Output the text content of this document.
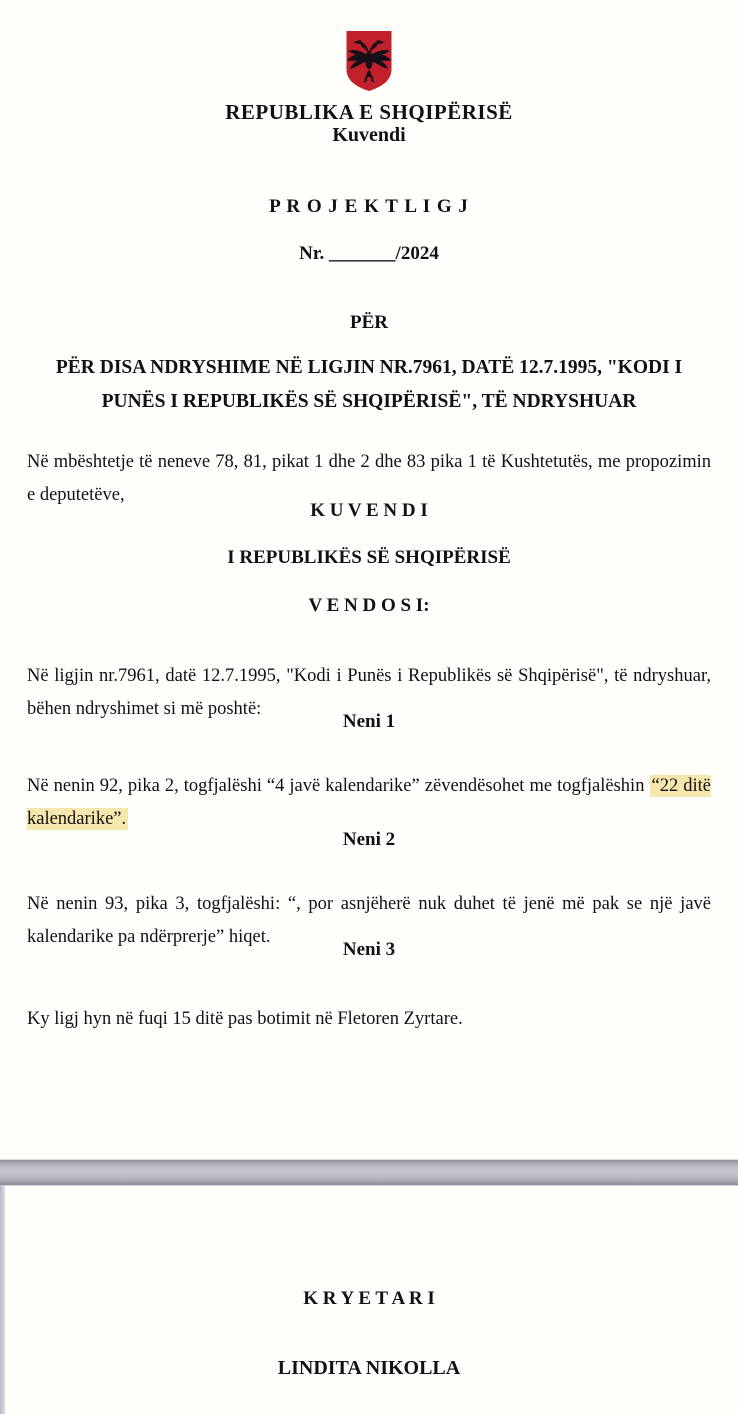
REPUBLIKA E SHQIPËRISË
Kuvendi
P R O J E K T L I G J
Nr. _______/2024
PËR
PËR DISA NDRYSHIME NË LIGJIN NR.7961, DATË 12.7.1995, "KODI I PUNËS I REPUBLIKËS SË SHQIPËRISË", TË NDRYSHUAR

Në mbështetje të neneve 78, 81, pikat 1 dhe 2 dhe 83 pika 1 të Kushtetutës, me propozimin e deputetëve,

K U V E N D I
I REPUBLIKËS SË SHQIPËRISË
V E N D O S I:

Në ligjin nr.7961, datë 12.7.1995, "Kodi i Punës i Republikës së Shqipërisë", të ndryshuar, bëhen ndryshimet si më poshtë:

Neni 1

Në nenin 92, pika 2, togfjalëshi “4 javë kalendarike” zëvendësohet me togfjalëshin “22 ditë kalendarike”.

Neni 2

Në nenin 93, pika 3, togfjalëshi: “, por asnjëherë nuk duhet të jenë më pak se një javë kalendarike pa ndërprerje” hiqet.

Neni 3

Ky ligj hyn në fuqi 15 ditë pas botimit në Fletoren Zyrtare.

K R Y E T A R I
LINDITA NIKOLLA
